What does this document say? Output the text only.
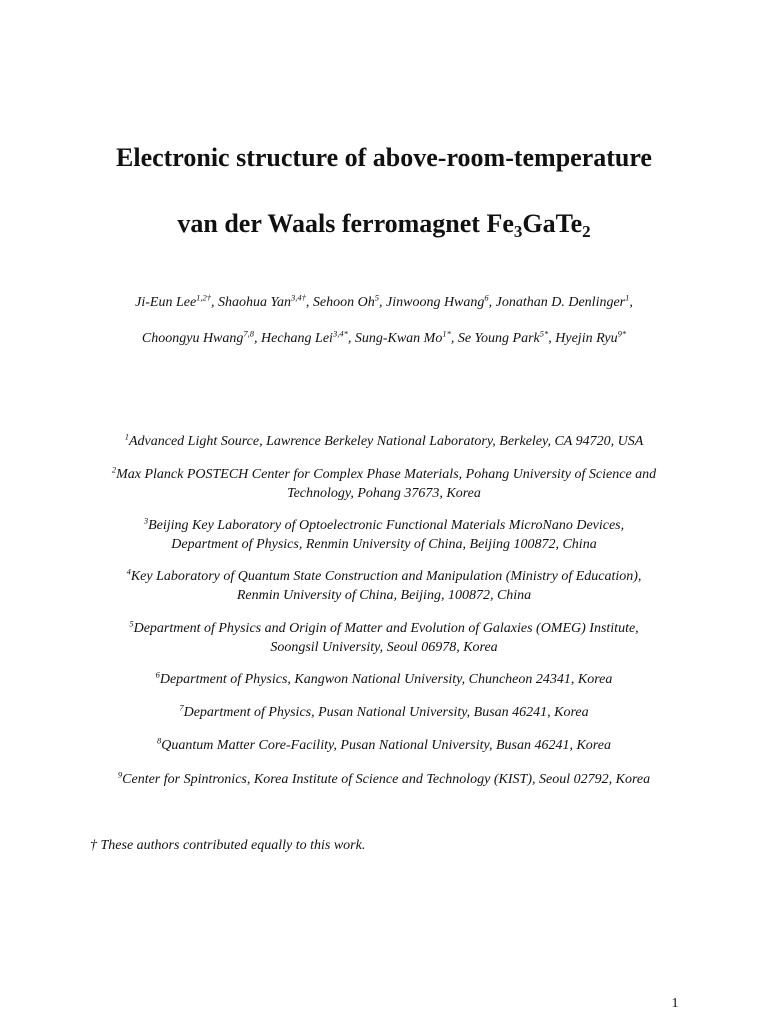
Electronic structure of above-room-temperature
van der Waals ferromagnet $Fe_3GaTe_2$
Ji-Eun Lee$^{1,2\dagger}$, Shaohua Yan$^{3,4\dagger}$, Sehoon Oh$^5$, Jinwoong Hwang$^6$, Jonathan D. Denlinger$^1$,
Choongyu Hwang$^{7,8}$, Hechang Lei$^{3,4*}$, Sung-Kwan $Mo^{1*}$, Se Young Park$^{5*}$, Hyejin Ryu$^{9*}$
$^1$Advanced Light Source, Lawrence Berkeley National Laboratory, Berkeley, CA 94720, USA
$^2$Max Planck POSTECH Center for Complex Phase Materials, Pohang University of Science and
Technology, Pohang 37673, Korea
$^3$Beijing Key Laboratory of Optoelectronic Functional Materials MicroNano Devices,
Department of Physics, Renmin University of China, Beijing 100872, China
$^4$Key Laboratory of Quantum State Construction and Manipulation (Ministry of Education),
Renmin University of China, Beijing, 100872, China
$^5$Department of Physics and Origin of Matter and Evolution of Galaxies (OMEG) Institute,
Soongsil University, Seoul 06978, Korea
$^6$Department of Physics, Kangwon National University, Chuncheon 24341, Korea
$^7$Department of Physics, Pusan National University, Busan 46241, Korea
$^8$Quantum Matter Core-Facility, Pusan National University, Busan 46241, Korea
$^9$Center for Spintronics, Korea Institute of Science and Technology (KIST), Seoul 02792, Korea
† These authors contributed equally to this work.
1
